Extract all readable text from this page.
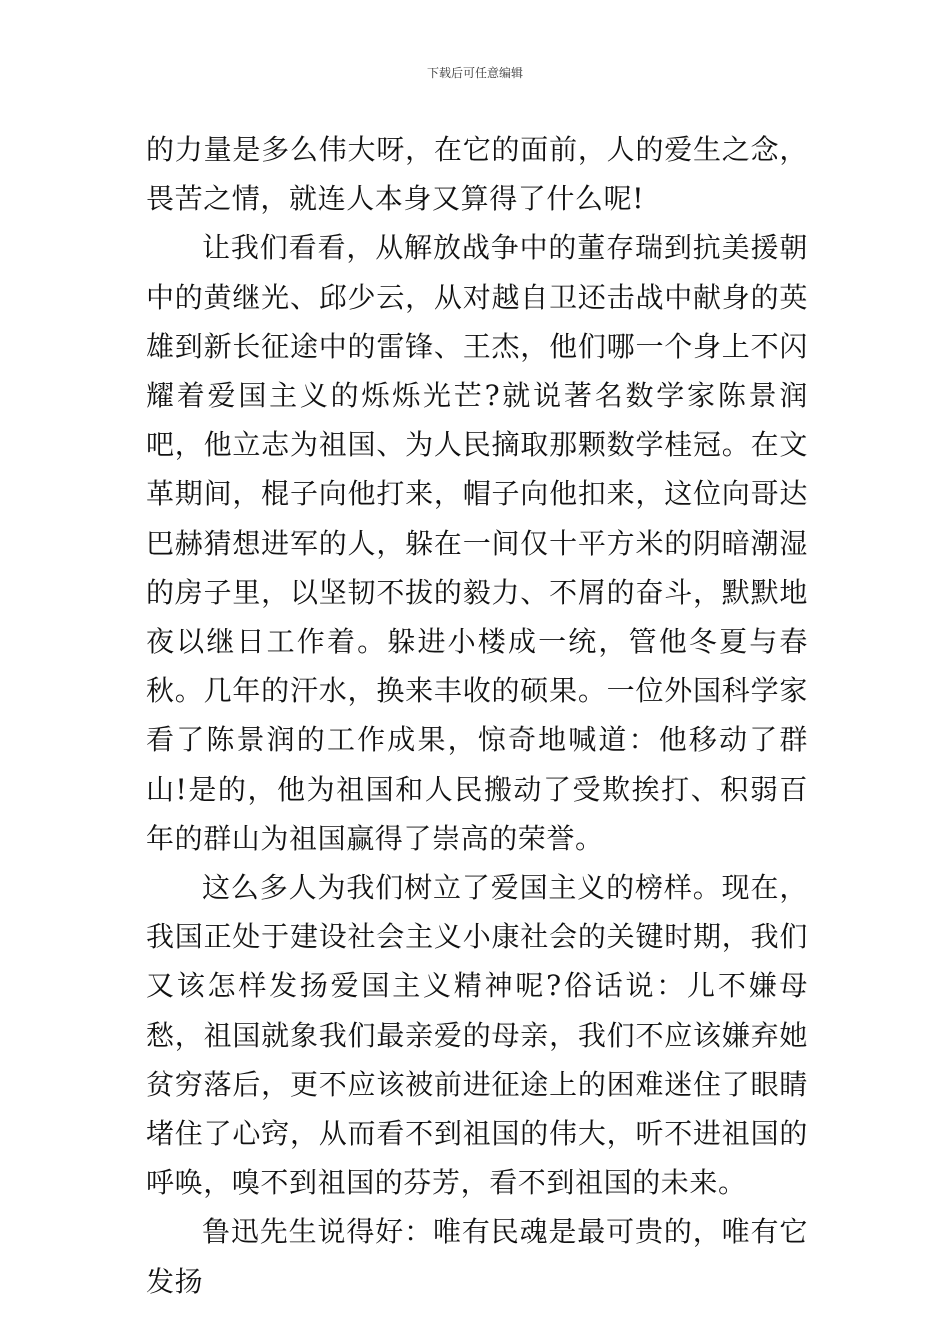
下载后可任意编辑

的力量是多么伟大呀，在它的面前，人的爱生之念，畏苦之情，就连人本身又算得了什么呢!

让我们看看，从解放战争中的董存瑞到抗美援朝中的黄继光、邱少云，从对越自卫还击战中献身的英雄到新长征途中的雷锋、王杰，他们哪一个身上不闪耀着爱国主义的烁烁光芒?就说著名数学家陈景润吧，他立志为祖国、为人民摘取那颗数学桂冠。在文革期间，棍子向他打来，帽子向他扣来，这位向哥达巴赫猜想进军的人，躲在一间仅十平方米的阴暗潮湿的房子里，以坚韧不拔的毅力、不屑的奋斗，默默地夜以继日工作着。躲进小楼成一统，管他冬夏与春秋。几年的汗水，换来丰收的硕果。一位外国科学家看了陈景润的工作成果，惊奇地喊道：他移动了群山!是的，他为祖国和人民搬动了受欺挨打、积弱百年的群山为祖国赢得了崇高的荣誉。

这么多人为我们树立了爱国主义的榜样。现在，我国正处于建设社会主义小康社会的关键时期，我们又该怎样发扬爱国主义精神呢?俗话说：儿不嫌母愁，祖国就象我们最亲爱的母亲，我们不应该嫌弃她贫穷落后，更不应该被前进征途上的困难迷住了眼睛堵住了心窍，从而看不到祖国的伟大，听不进祖国的呼唤，嗅不到祖国的芬芳，看不到祖国的未来。

鲁迅先生说得好：唯有民魂是最可贵的，唯有它发扬
